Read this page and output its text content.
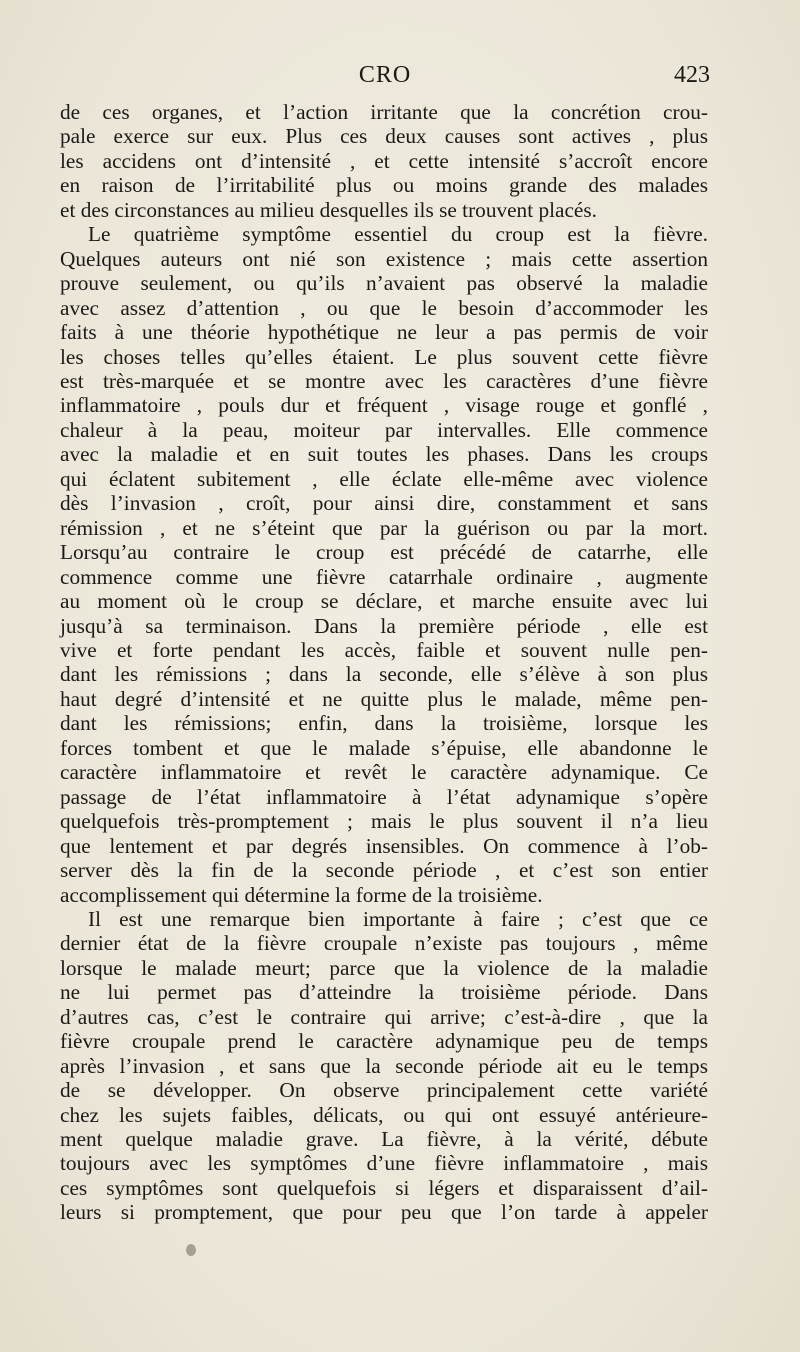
CRO	423
de ces organes, et l’action irritante que la concrétion crou-
pale exerce sur eux. Plus ces deux causes sont actives , plus
les accidens ont d’intensité , et cette intensité s’accroît encore
en raison de l’irritabilité plus ou moins grande des malades
et des circonstances au milieu desquelles ils se trouvent placés.
Le quatrième symptôme essentiel du croup est la fièvre.
Quelques auteurs ont nié son existence ; mais cette assertion
prouve seulement, ou qu’ils n’avaient pas observé la maladie
avec assez d’attention , ou que le besoin d’accommoder les
faits à une théorie hypothétique ne leur a pas permis de voir
les choses telles qu’elles étaient. Le plus souvent cette fièvre
est très-marquée et se montre avec les caractères d’une fièvre
inflammatoire , pouls dur et fréquent , visage rouge et gonflé ,
chaleur à la peau, moiteur par intervalles. Elle commence
avec la maladie et en suit toutes les phases. Dans les croups
qui éclatent subitement , elle éclate elle-même avec violence
dès l’invasion , croît, pour ainsi dire, constamment et sans
rémission , et ne s’éteint que par la guérison ou par la mort.
Lorsqu’au contraire le croup est précédé de catarrhe, elle
commence comme une fièvre catarrhale ordinaire , augmente
au moment où le croup se déclare, et marche ensuite avec lui
jusqu’à sa terminaison. Dans la première période , elle est
vive et forte pendant les accès, faible et souvent nulle pen-
dant les rémissions ; dans la seconde, elle s’élève à son plus
haut degré d’intensité et ne quitte plus le malade, même pen-
dant les rémissions; enfin, dans la troisième, lorsque les
forces tombent et que le malade s’épuise, elle abandonne le
caractère inflammatoire et revêt le caractère adynamique. Ce
passage de l’état inflammatoire à l’état adynamique s’opère
quelquefois très-promptement ; mais le plus souvent il n’a lieu
que lentement et par degrés insensibles. On commence à l’ob-
server dès la fin de la seconde période , et c’est son entier
accomplissement qui détermine la forme de la troisième.
Il est une remarque bien importante à faire ; c’est que ce
dernier état de la fièvre croupale n’existe pas toujours , même
lorsque le malade meurt; parce que la violence de la maladie
ne lui permet pas d’atteindre la troisième période. Dans
d’autres cas, c’est le contraire qui arrive; c’est-à-dire , que la
fièvre croupale prend le caractère adynamique peu de temps
après l’invasion , et sans que la seconde période ait eu le temps
de se développer. On observe principalement cette variété
chez les sujets faibles, délicats, ou qui ont essuyé antérieure-
ment quelque maladie grave. La fièvre, à la vérité, débute
toujours avec les symptômes d’une fièvre inflammatoire , mais
ces symptômes sont quelquefois si légers et disparaissent d’ail-
leurs si promptement, que pour peu que l’on tarde à appeler
